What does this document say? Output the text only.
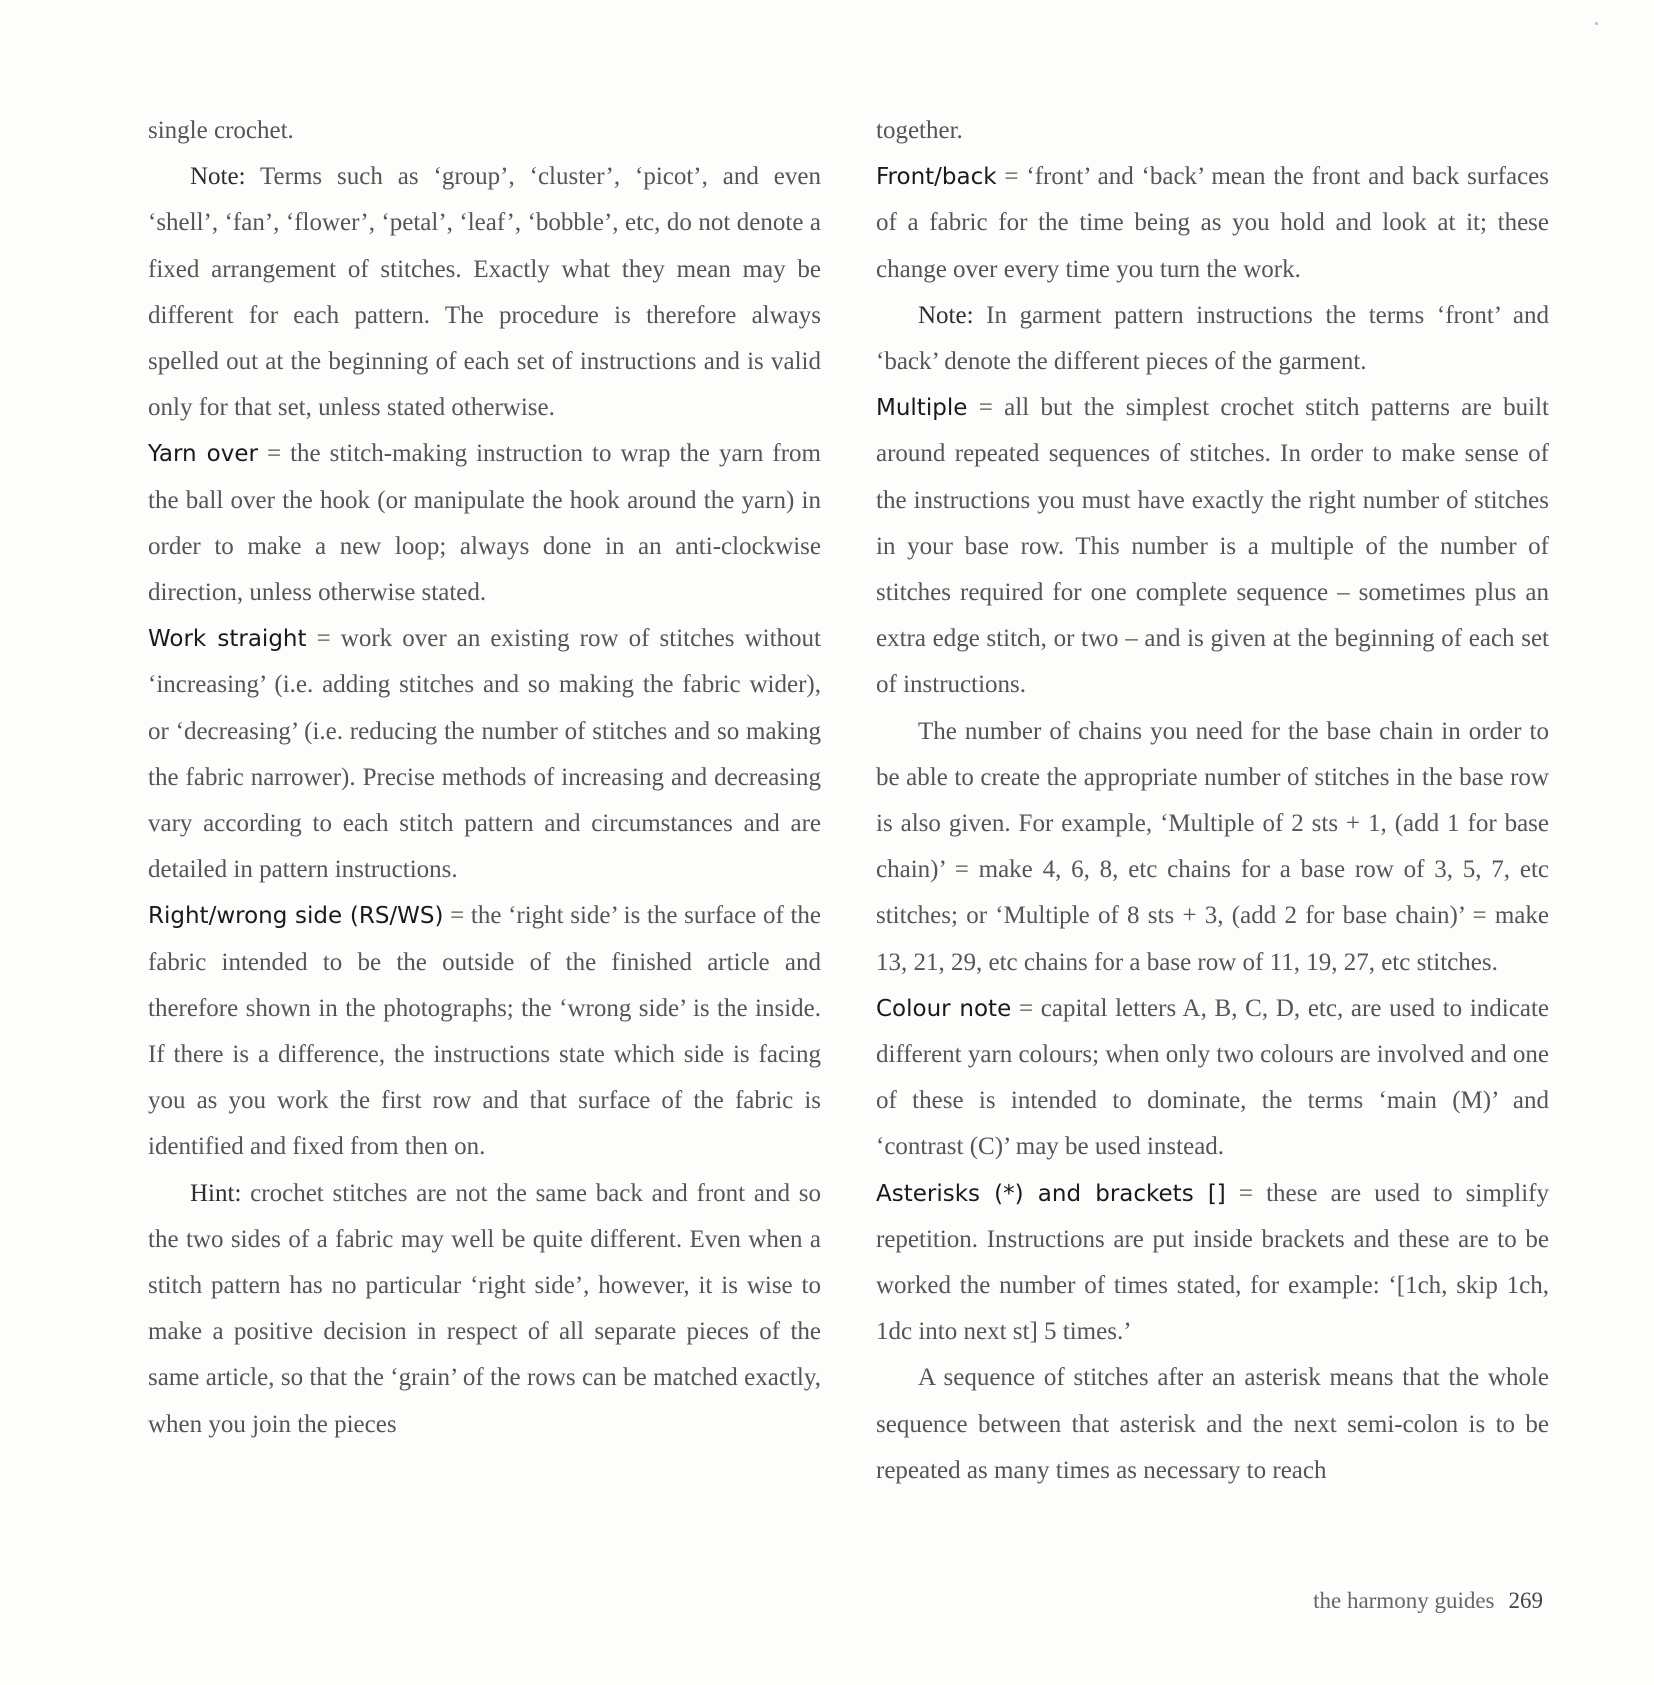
single crochet.

Note: Terms such as ‘group’, ‘cluster’, ‘picot’, and even ‘shell’, ‘fan’, ‘flower’, ‘petal’, ‘leaf’, ‘bobble’, etc, do not denote a fixed arrangement of stitches. Exactly what they mean may be different for each pattern. The procedure is therefore always spelled out at the beginning of each set of instructions and is valid only for that set, unless stated otherwise.

Yarn over = the stitch-making instruction to wrap the yarn from the ball over the hook (or manipulate the hook around the yarn) in order to make a new loop; always done in an anti-clockwise direction, unless otherwise stated.

Work straight = work over an existing row of stitches without ‘increasing’ (i.e. adding stitches and so making the fabric wider), or ‘decreasing’ (i.e. reducing the number of stitches and so making the fabric narrower). Precise methods of increasing and decreasing vary according to each stitch pattern and circumstances and are detailed in pattern instructions.

Right/wrong side (RS/WS) = the ‘right side’ is the surface of the fabric intended to be the outside of the finished article and therefore shown in the photographs; the ‘wrong side’ is the inside. If there is a difference, the instructions state which side is facing you as you work the first row and that surface of the fabric is identified and fixed from then on.

Hint: crochet stitches are not the same back and front and so the two sides of a fabric may well be quite different. Even when a stitch pattern has no particular ‘right side’, however, it is wise to make a positive decision in respect of all separate pieces of the same article, so that the ‘grain’ of the rows can be matched exactly, when you join the pieces

together.

Front/back = ‘front’ and ‘back’ mean the front and back surfaces of a fabric for the time being as you hold and look at it; these change over every time you turn the work.

Note: In garment pattern instructions the terms ‘front’ and ‘back’ denote the different pieces of the garment.

Multiple = all but the simplest crochet stitch patterns are built around repeated sequences of stitches. In order to make sense of the instructions you must have exactly the right number of stitches in your base row. This number is a multiple of the number of stitches required for one complete sequence – sometimes plus an extra edge stitch, or two – and is given at the beginning of each set of instructions.

The number of chains you need for the base chain in order to be able to create the appropriate number of stitches in the base row is also given. For example, ‘Multiple of 2 sts + 1, (add 1 for base chain)’ = make 4, 6, 8, etc chains for a base row of 3, 5, 7, etc stitches; or ‘Multiple of 8 sts + 3, (add 2 for base chain)’ = make 13, 21, 29, etc chains for a base row of 11, 19, 27, etc stitches.

Colour note = capital letters A, B, C, D, etc, are used to indicate different yarn colours; when only two colours are involved and one of these is intended to dominate, the terms ‘main (M)’ and ‘contrast (C)’ may be used instead.

Asterisks (*) and brackets [] = these are used to simplify repetition. Instructions are put inside brackets and these are to be worked the number of times stated, for example: ‘[1ch, skip 1ch, 1dc into next st] 5 times.’

A sequence of stitches after an asterisk means that the whole sequence between that asterisk and the next semi-colon is to be repeated as many times as necessary to reach

the harmony guides 269
